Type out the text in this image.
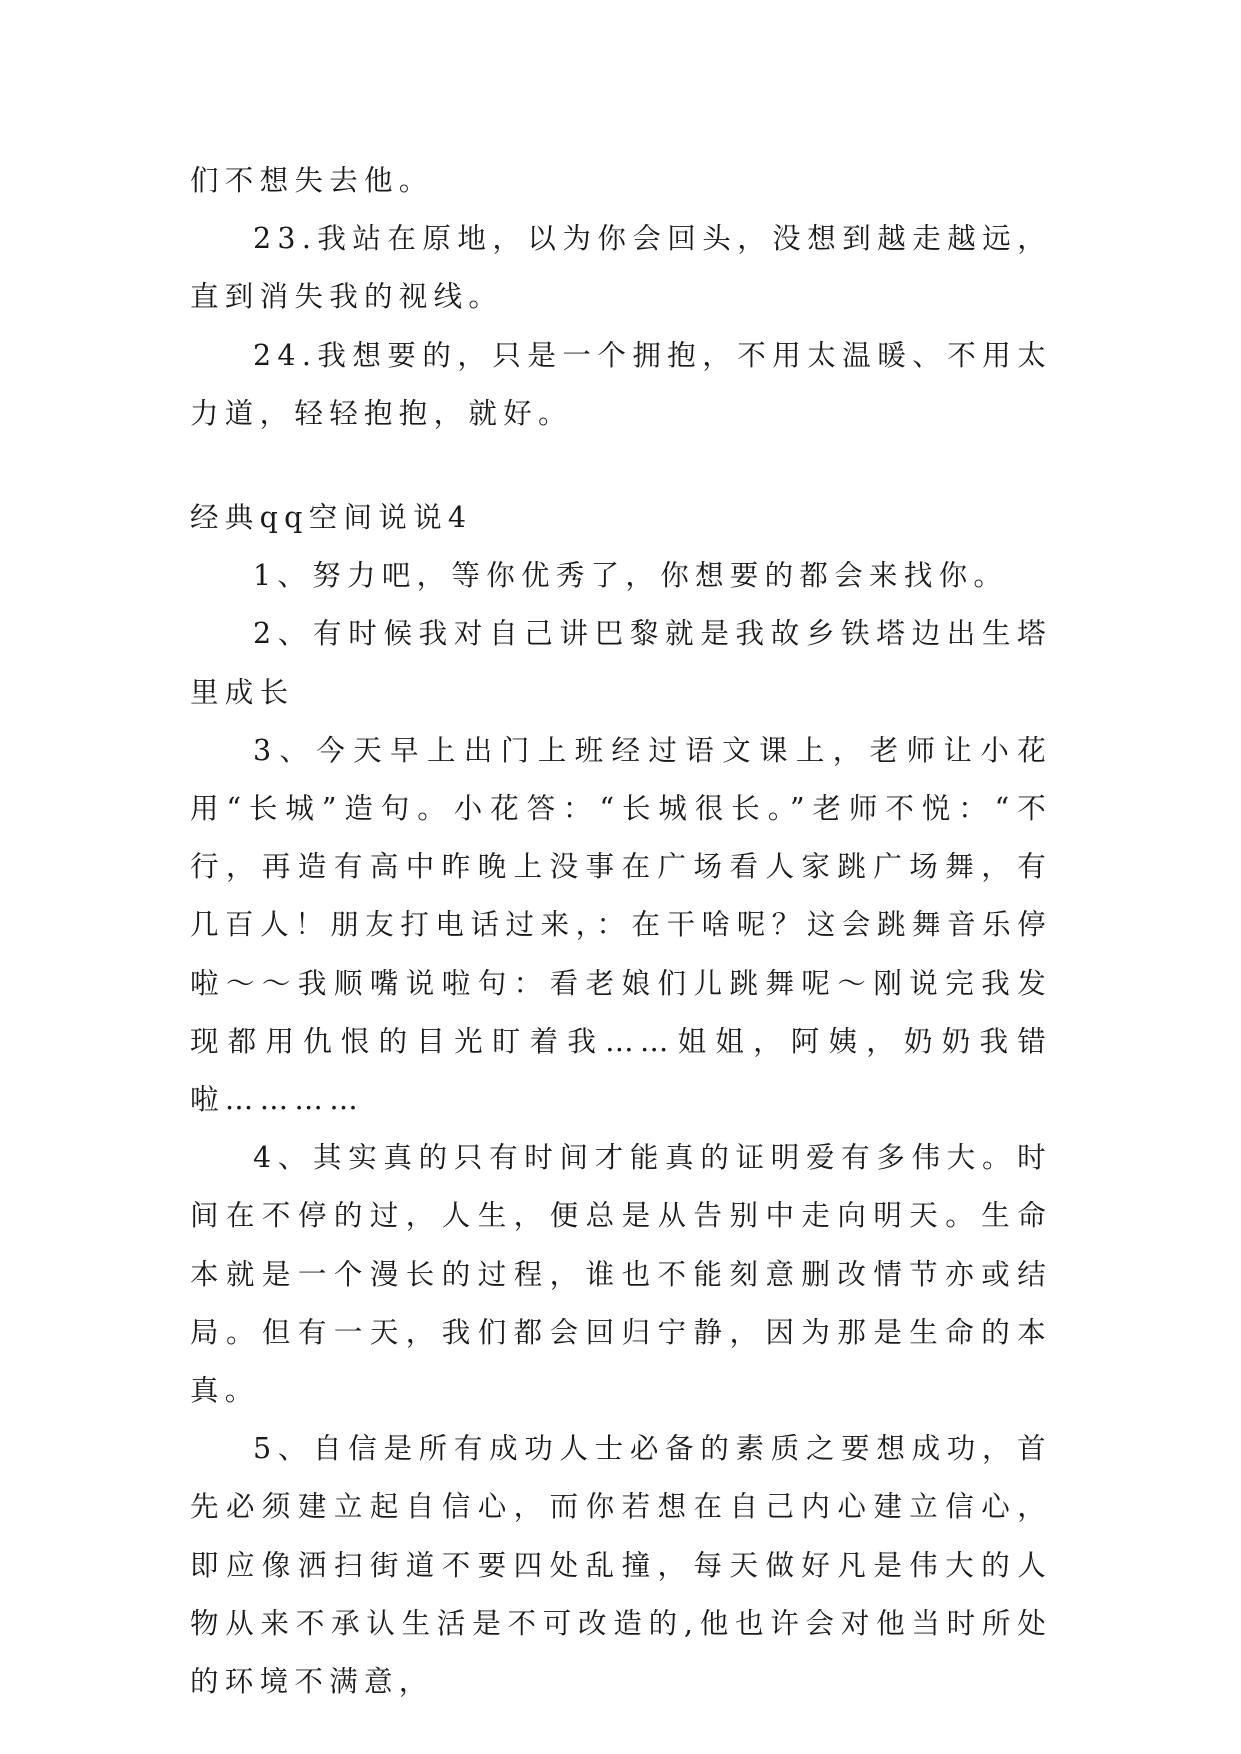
们不想失去他。

23.我站在原地，以为你会回头，没想到越走越远，直到消失我的视线。

24.我想要的，只是一个拥抱，不用太温暖、不用太力道，轻轻抱抱，就好。

经典qq空间说说4

1、努力吧，等你优秀了，你想要的都会来找你。

2、有时候我对自己讲巴黎就是我故乡铁塔边出生塔里成长

3、今天早上出门上班经过语文课上，老师让小花用“长城”造句。小花答：“长城很长。”老师不悦：“不行，再造有高中昨晚上没事在广场看人家跳广场舞，有几百人！朋友打电话过来，：在干啥呢？这会跳舞音乐停啦～～我顺嘴说啦句：看老娘们儿跳舞呢～刚说完我发现都用仇恨的目光盯着我……姐姐，阿姨，奶奶我错啦…………

4、其实真的只有时间才能真的证明爱有多伟大。时间在不停的过，人生，便总是从告别中走向明天。生命本就是一个漫长的过程，谁也不能刻意删改情节亦或结局。但有一天，我们都会回归宁静，因为那是生命的本真。

5、自信是所有成功人士必备的素质之要想成功，首先必须建立起自信心，而你若想在自己内心建立信心，即应像洒扫街道不要四处乱撞，每天做好凡是伟大的人物从来不承认生活是不可改造的,他也许会对他当时所处的环境不满意，
